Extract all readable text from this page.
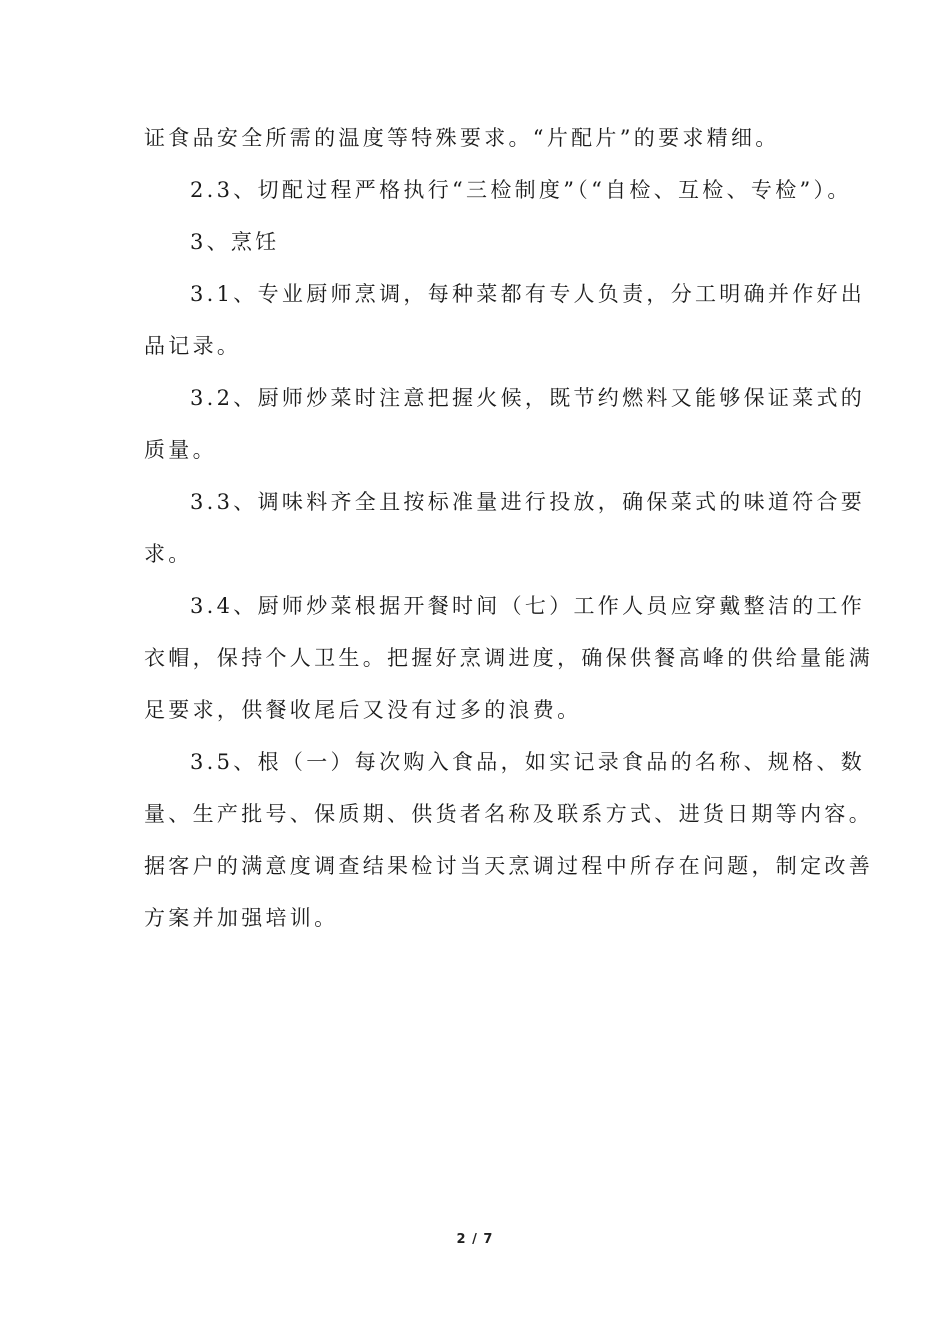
证食品安全所需的温度等特殊要求。“片配片”的要求精细。

2.3、切配过程严格执行“三检制度”（“自检、互检、专检”）。

3、烹饪

3.1、专业厨师烹调，每种菜都有专人负责，分工明确并作好出
品记录。

3.2、厨师炒菜时注意把握火候，既节约燃料又能够保证菜式的
质量。

3.3、调味料齐全且按标准量进行投放，确保菜式的味道符合要
求。

3.4、厨师炒菜根据开餐时间（七）工作人员应穿戴整洁的工作
衣帽，保持个人卫生。把握好烹调进度，确保供餐高峰的供给量能满
足要求，供餐收尾后又没有过多的浪费。

3.5、根（一）每次购入食品，如实记录食品的名称、规格、数
量、生产批号、保质期、供货者名称及联系方式、进货日期等内容。
据客户的满意度调查结果检讨当天烹调过程中所存在问题，制定改善
方案并加强培训。

2 / 7
